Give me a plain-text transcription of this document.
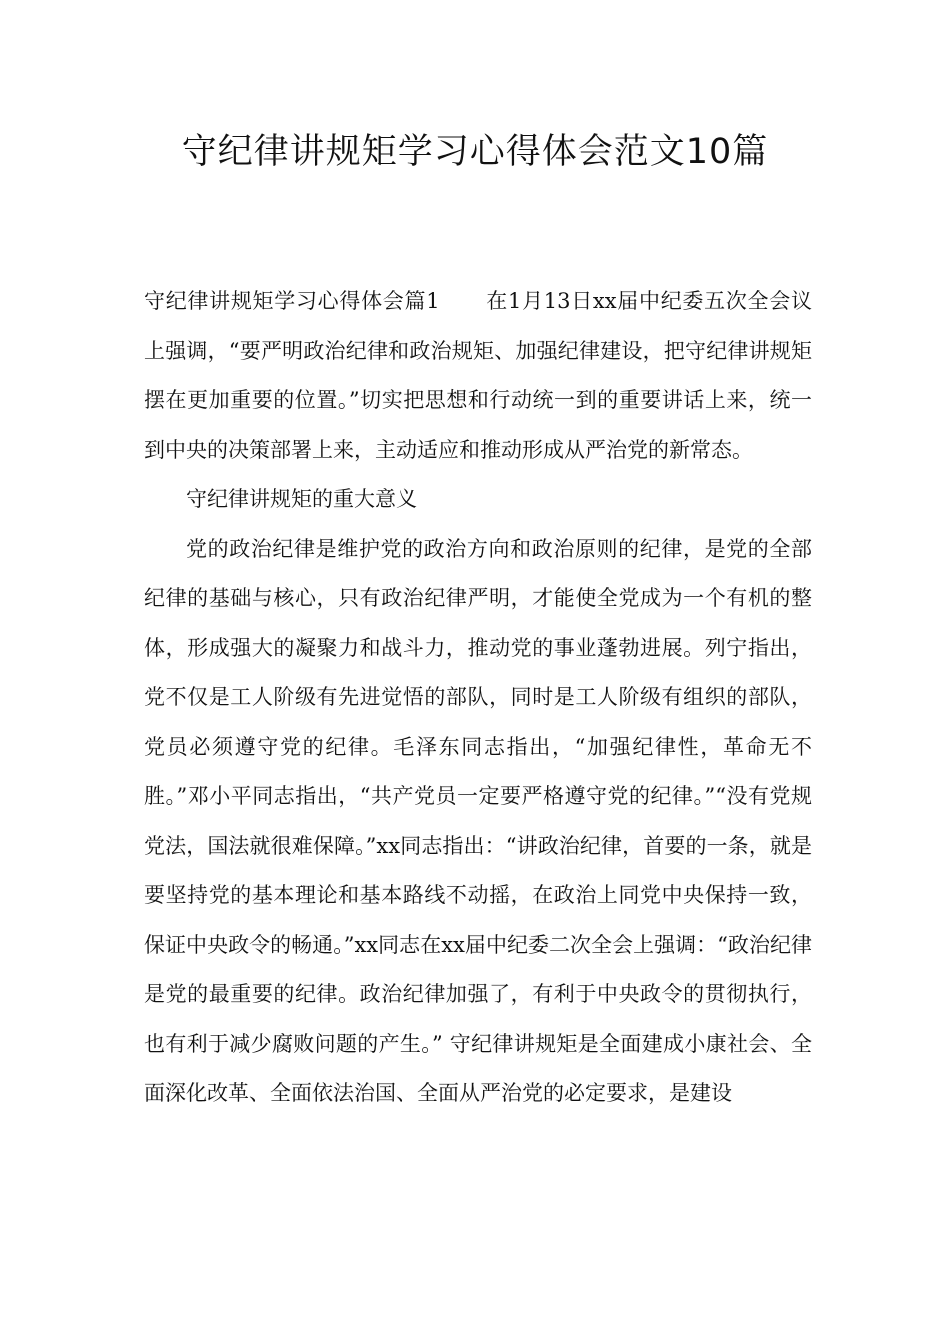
守纪律讲规矩学习心得体会范文10篇

守纪律讲规矩学习心得体会篇1 在1月13日xx届中纪委五次全会议上强调，“要严明政治纪律和政治规矩、加强纪律建设，把守纪律讲规矩摆在更加重要的位置。”切实把思想和行动统一到的重要讲话上来，统一到中央的决策部署上来，主动适应和推动形成从严治党的新常态。

守纪律讲规矩的重大意义

党的政治纪律是维护党的政治方向和政治原则的纪律，是党的全部纪律的基础与核心，只有政治纪律严明，才能使全党成为一个有机的整体，形成强大的凝聚力和战斗力，推动党的事业蓬勃进展。列宁指出，党不仅是工人阶级有先进觉悟的部队，同时是工人阶级有组织的部队，党员必须遵守党的纪律。毛泽东同志指出，“加强纪律性，革命无不胜。”邓小平同志指出，“共产党员一定要严格遵守党的纪律。”“没有党规党法，国法就很难保障。”xx同志指出：“讲政治纪律，首要的一条，就是要坚持党的基本理论和基本路线不动摇，在政治上同党中央保持一致，保证中央政令的畅通。”xx同志在xx届中纪委二次全会上强调：“政治纪律是党的最重要的纪律。政治纪律加强了，有利于中央政令的贯彻执行，也有利于减少腐败问题的产生。” 守纪律讲规矩是全面建成小康社会、全面深化改革、全面依法治国、全面从严治党的必定要求，是建设
